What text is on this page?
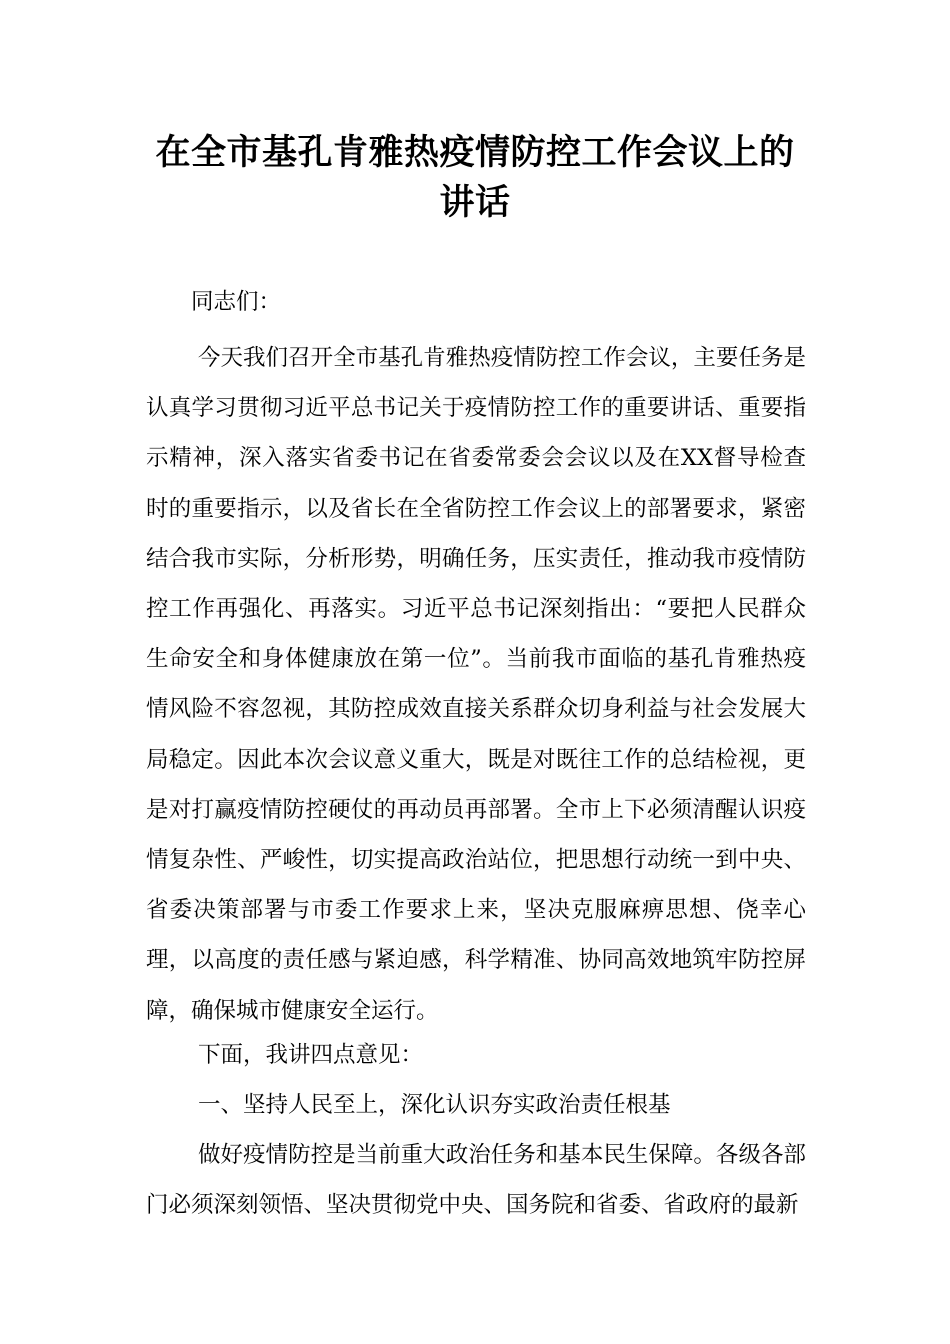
在全市基孔肯雅热疫情防控工作会议上的讲话
同志们：

今天我们召开全市基孔肯雅热疫情防控工作会议，主要任务是认真学习贯彻习近平总书记关于疫情防控工作的重要讲话、重要指示精神，深入落实省委书记在省委常委会会议以及在XX督导检查时的重要指示，以及省长在全省防控工作会议上的部署要求，紧密结合我市实际，分析形势，明确任务，压实责任，推动我市疫情防控工作再强化、再落实。习近平总书记深刻指出：“要把人民群众生命安全和身体健康放在第一位”。当前我市面临的基孔肯雅热疫情风险不容忽视，其防控成效直接关系群众切身利益与社会发展大局稳定。因此本次会议意义重大，既是对既往工作的总结检视，更是对打赢疫情防控硬仗的再动员再部署。全市上下必须清醒认识疫情复杂性、严峻性，切实提高政治站位，把思想行动统一到中央、省委决策部署与市委工作要求上来，坚决克服麻痹思想、侥幸心理，以高度的责任感与紧迫感，科学精准、协同高效地筑牢防控屏障，确保城市健康安全运行。

下面，我讲四点意见：

一、坚持人民至上，深化认识夯实政治责任根基

做好疫情防控是当前重大政治任务和基本民生保障。各级各部门必须深刻领悟、坚决贯彻党中央、国务院和省委、省政府的最新
